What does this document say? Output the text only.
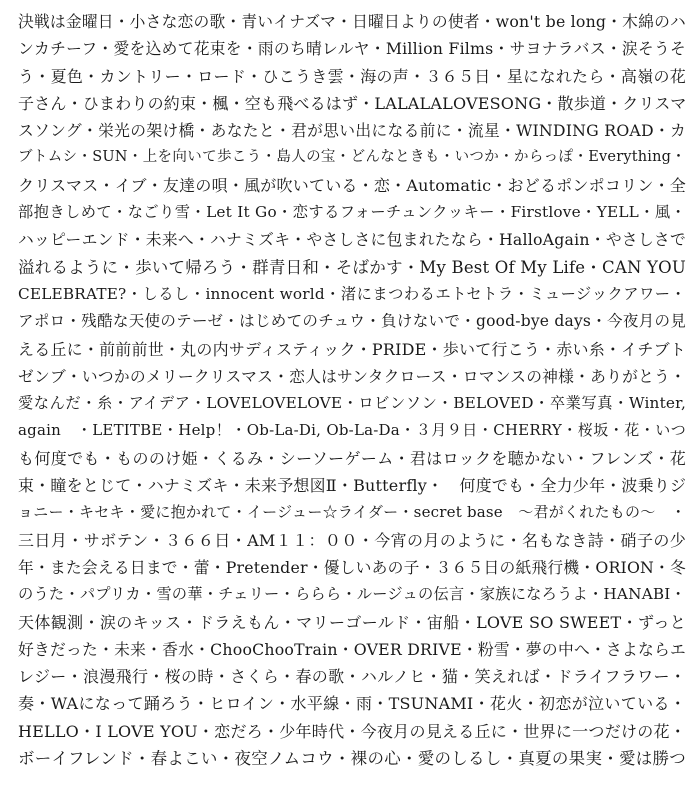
決戦は金曜日・小さな恋の歌・青いイナズマ・日曜日よりの使者・won't be long・木綿のハ
ンカチーフ・愛を込めて花束を・雨のち晴レルヤ・Million Films・サヨナラバス・涙そうそ
う・夏色・カントリー・ロード・ひこうき雲・海の声・３６５日・星になれたら・高嶺の花
子さん・ひまわりの約束・楓・空も飛べるはず・LALALALOVESONG・散歩道・クリスマ
スソング・栄光の架け橋・あなたと・君が思い出になる前に・流星・WINDING ROAD・カ
ブトムシ・SUN・上を向いて歩こう・島人の宝・どんなときも・いつか・からっぽ・Everything・
クリスマス・イブ・友達の唄・風が吹いている・恋・Automatic・おどるポンポコリン・全
部抱きしめて・なごり雪・Let It Go・恋するフォーチュンクッキー・Firstlove・YELL・風・
ハッピーエンド・未来へ・ハナミズキ・やさしさに包まれたなら・HalloAgain・やさしさで
溢れるように・歩いて帰ろう・群青日和・そばかす・My Best Of My Life・CAN YOU
CELEBRATE?・しるし・innocent world・渚にまつわるエトセトラ・ミュージックアワー・
アポロ・残酷な天使のテーゼ・はじめてのチュウ・負けないで・good-bye days・今夜月の見
える丘に・前前前世・丸の内サディスティック・PRIDE・歩いて行こう・赤い糸・イチブト
ゼンブ・いつかのメリークリスマス・恋人はサンタクロース・ロマンスの神様・ありがとう・
愛なんだ・糸・アイデア・LOVELOVELOVE・ロビンソン・BELOVED・卒業写真・Winter,
again　・LETITBE・Help！・Ob-La-Di, Ob-La-Da・３月９日・CHERRY・桜坂・花・いつ
も何度でも・もののけ姫・くるみ・シーソーゲーム・君はロックを聴かない・フレンズ・花
束・瞳をとじて・ハナミズキ・未来予想図Ⅱ・Butterfly・　何度でも・全力少年・波乗りジ
ョニー・キセキ・愛に抱かれて・イージュー☆ライダー・secret base　～君がくれたもの～　・
三日月・サボテン・３６６日・AM１１：００・今宵の月のように・名もなき詩・硝子の少
年・また会える日まで・蕾・Pretender・優しいあの子・３６５日の紙飛行機・ORION・冬
のうた・パプリカ・雪の華・チェリー・ららら・ルージュの伝言・家族になろうよ・HANABI・
天体観測・涙のキッス・ドラえもん・マリーゴールド・宙船・LOVE SO SWEET・ずっと
好きだった・未来・香水・ChooChooTrain・OVER DRIVE・粉雪・夢の中へ・さよならエ
レジー・浪漫飛行・桜の時・さくら・春の歌・ハルノヒ・猫・笑えれば・ドライフラワー・
奏・WAになって踊ろう・ヒロイン・水平線・雨・TSUNAMI・花火・初恋が泣いている・
HELLO・I LOVE YOU・恋だろ・少年時代・今夜月の見える丘に・世界に一つだけの花・
ボーイフレンド・春よこい・夜空ノムコウ・裸の心・愛のしるし・真夏の果実・愛は勝つ
